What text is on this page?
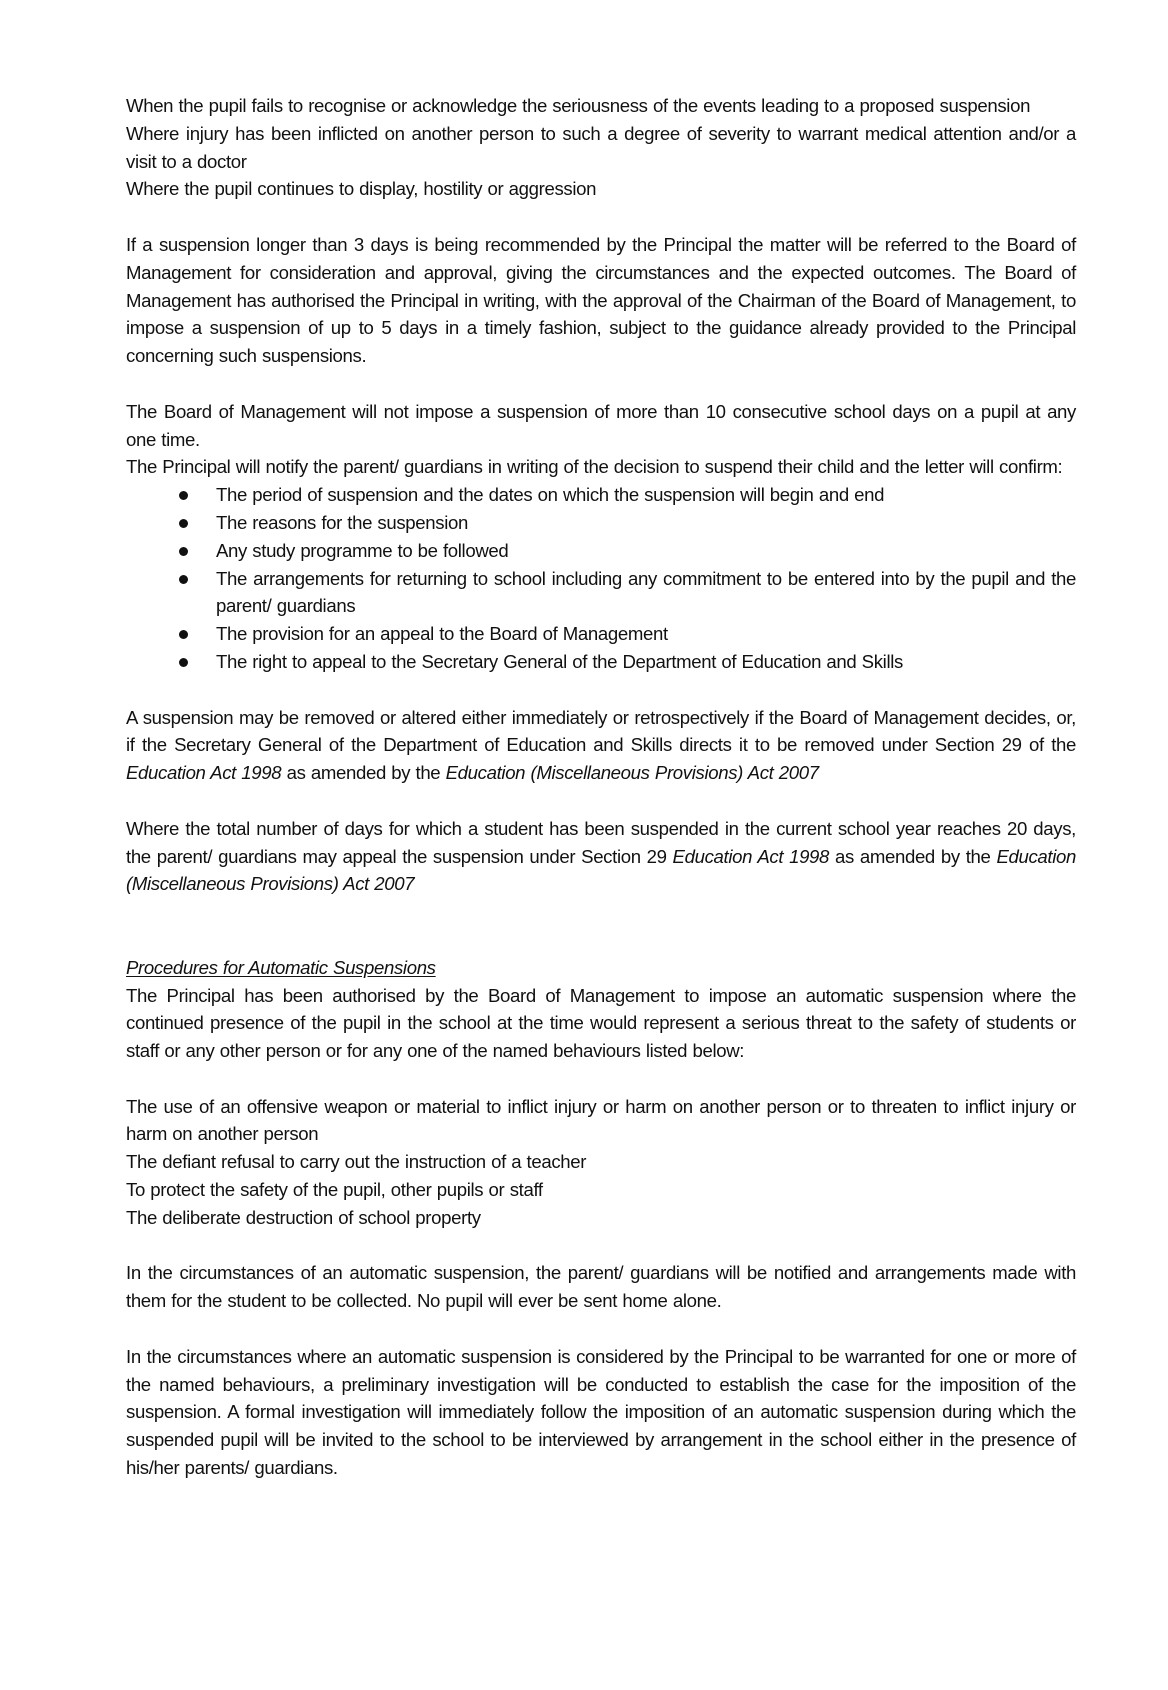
When the pupil fails to recognise or acknowledge the seriousness of the events leading to a proposed suspension

Where injury has been inflicted on another person to such a degree of severity to warrant medical attention and/or a visit to a doctor

Where the pupil continues to display, hostility or aggression

If a suspension longer than 3 days is being recommended by the Principal the matter will be referred to the Board of Management for consideration and approval, giving the circumstances and the expected outcomes. The Board of Management has authorised the Principal in writing, with the approval of the Chairman of the Board of Management, to impose a suspension of up to 5 days in a timely fashion, subject to the guidance already provided to the Principal concerning such suspensions.

The Board of Management will not impose a suspension of more than 10 consecutive school days on a pupil at any one time.

The Principal will notify the parent/ guardians in writing of the decision to suspend their child and the letter will confirm:

The period of suspension and the dates on which the suspension will begin and end
The reasons for the suspension
Any study programme to be followed
The arrangements for returning to school including any commitment to be entered into by the pupil and the parent/ guardians
The provision for an appeal to the Board of Management
The right to appeal to the Secretary General of the Department of Education and Skills

A suspension may be removed or altered either immediately or retrospectively if the Board of Management decides, or, if the Secretary General of the Department of Education and Skills directs it to be removed under Section 29 of the Education Act 1998 as amended by the Education (Miscellaneous Provisions) Act 2007

Where the total number of days for which a student has been suspended in the current school year reaches 20 days, the parent/ guardians may appeal the suspension under Section 29 Education Act 1998 as amended by the Education (Miscellaneous Provisions) Act 2007

Procedures for Automatic Suspensions

The Principal has been authorised by the Board of Management to impose an automatic suspension where the continued presence of the pupil in the school at the time would represent a serious threat to the safety of students or staff or any other person or for any one of the named behaviours listed below:

The use of an offensive weapon or material to inflict injury or harm on another person or to threaten to inflict injury or harm on another person

The defiant refusal to carry out the instruction of a teacher

To protect the safety of the pupil, other pupils or staff

The deliberate destruction of school property

In the circumstances of an automatic suspension, the parent/ guardians will be notified and arrangements made with them for the student to be collected. No pupil will ever be sent home alone.

In the circumstances where an automatic suspension is considered by the Principal to be warranted for one or more of the named behaviours, a preliminary investigation will be conducted to establish the case for the imposition of the suspension. A formal investigation will immediately follow the imposition of an automatic suspension during which the suspended pupil will be invited to the school to be interviewed by arrangement in the school either in the presence of his/her parents/ guardians.
